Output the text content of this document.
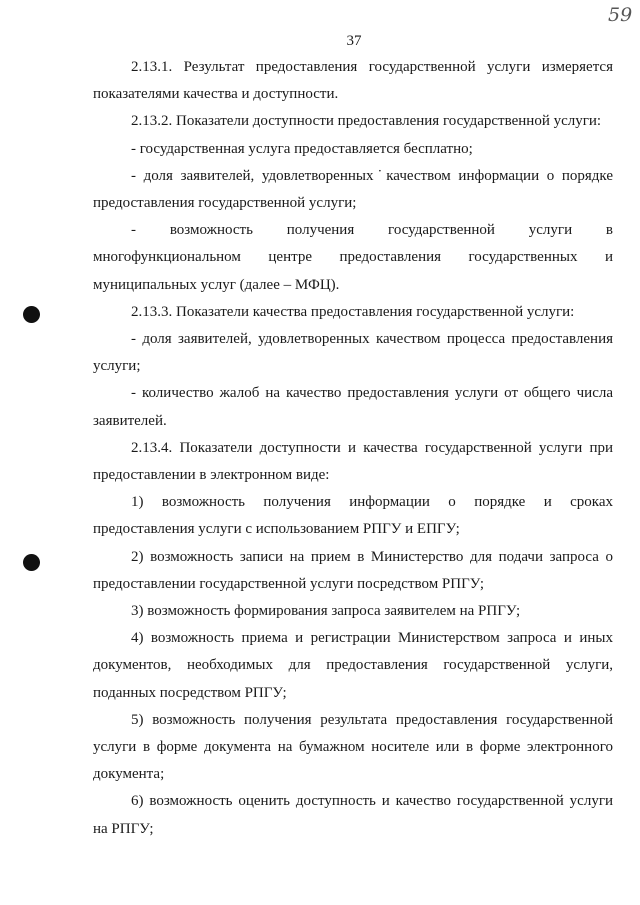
37
59

2.13.1. Результат предоставления государственной услуги измеряется показателями качества и доступности.

2.13.2. Показатели доступности предоставления государственной услуги:

- государственная услуга предоставляется бесплатно;

- доля заявителей, удовлетворенных˙качеством информации о порядке предоставления государственной услуги;

- возможность получения государственной услуги в многофункциональном центре предоставления государственных и муниципальных услуг (далее – МФЦ).

2.13.3. Показатели качества предоставления государственной услуги:

- доля заявителей, удовлетворенных качеством процесса предоставления услуги;

- количество жалоб на качество предоставления услуги от общего числа заявителей.

2.13.4. Показатели доступности и качества государственной услуги при предоставлении в электронном виде:

1) возможность получения информации о порядке и сроках предоставления услуги с использованием РПГУ и ЕПГУ;

2) возможность записи на прием в Министерство для подачи запроса о предоставлении государственной услуги посредством РПГУ;

3) возможность формирования запроса заявителем на РПГУ;

4) возможность приема и регистрации Министерством запроса и иных документов, необходимых для предоставления государственной услуги, поданных посредством РПГУ;

5) возможность получения результата предоставления государственной услуги в форме документа на бумажном носителе или в форме электронного документа;

6) возможность оценить доступность и качество государственной услуги на РПГУ;
